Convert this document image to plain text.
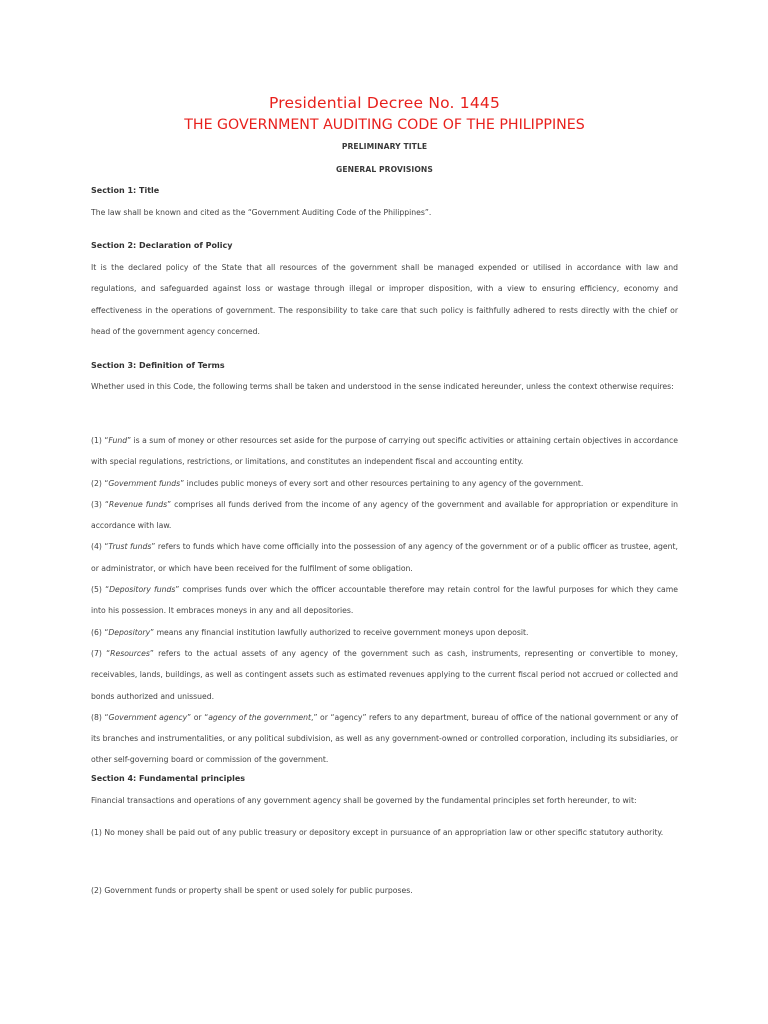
Presidential Decree No. 1445
THE GOVERNMENT AUDITING CODE OF THE PHILIPPINES
PRELIMINARY TITLE
GENERAL PROVISIONS
Section 1: Title

The law shall be known and cited as the “Government Auditing Code of the Philippines”.

Section 2: Declaration of Policy

It is the declared policy of the State that all resources of the government shall be managed expended or utilised in accordance with law and regulations, and safeguarded against loss or wastage through illegal or improper disposition, with a view to ensuring efficiency, economy and effectiveness in the operations of government. The responsibility to take care that such policy is faithfully adhered to rests directly with the chief or head of the government agency concerned.

Section 3: Definition of Terms

Whether used in this Code, the following terms shall be taken and understood in the sense indicated hereunder, unless the context otherwise requires:

(1) “Fund” is a sum of money or other resources set aside for the purpose of carrying out specific activities or attaining certain objectives in accordance with special regulations, restrictions, or limitations, and constitutes an independent fiscal and accounting entity.

(2) “Government funds” includes public moneys of every sort and other resources pertaining to any agency of the government.

(3) “Revenue funds” comprises all funds derived from the income of any agency of the government and available for appropriation or expenditure in accordance with law.

(4) “Trust funds” refers to funds which have come officially into the possession of any agency of the government or of a public officer as trustee, agent, or administrator, or which have been received for the fulfilment of some obligation.

(5) “Depository funds” comprises funds over which the officer accountable therefore may retain control for the lawful purposes for which they came into his possession. It embraces moneys in any and all depositories.

(6) “Depository” means any financial institution lawfully authorized to receive government moneys upon deposit.

(7) “Resources” refers to the actual assets of any agency of the government such as cash, instruments, representing or convertible to money, receivables, lands, buildings, as well as contingent assets such as estimated revenues applying to the current fiscal period not accrued or collected and bonds authorized and unissued.

(8) “Government agency” or “agency of the government,” or “agency” refers to any department, bureau of office of the national government or any of its branches and instrumentalities, or any political subdivision, as well as any government-owned or controlled corporation, including its subsidiaries, or other self-governing board or commission of the government.

Section 4: Fundamental principles

Financial transactions and operations of any government agency shall be governed by the fundamental principles set forth hereunder, to wit:

(1) No money shall be paid out of any public treasury or depository except in pursuance of an appropriation law or other specific statutory authority.

(2) Government funds or property shall be spent or used solely for public purposes.
